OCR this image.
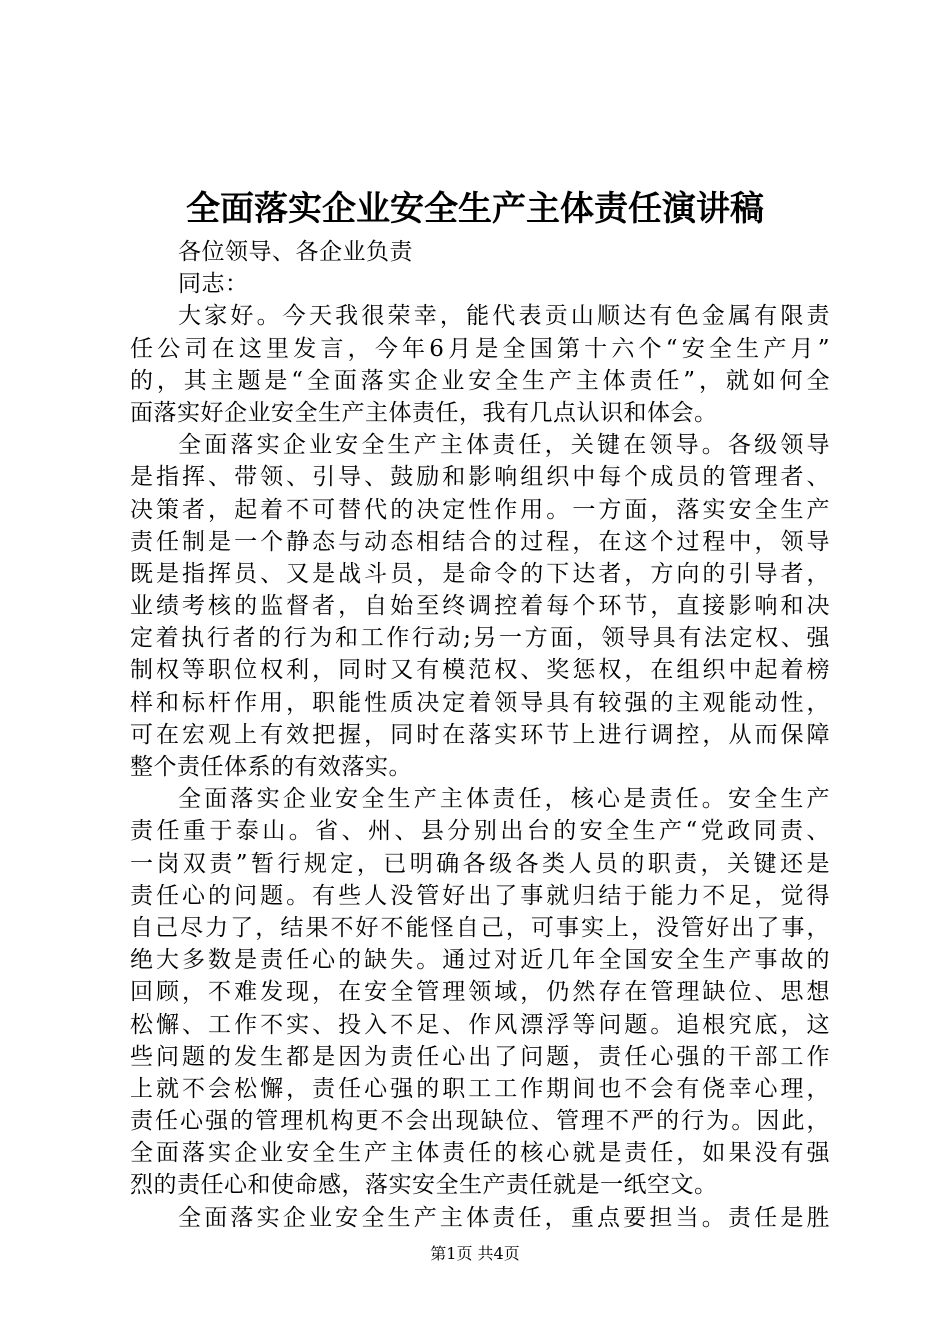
全面落实企业安全生产主体责任演讲稿
各位领导、各企业负责
同志：
大家好。今天我很荣幸，能代表贡山顺达有色金属有限责
任公司在这里发言，今年6月是全国第十六个“安全生产月”
的，其主题是“全面落实企业安全生产主体责任”，就如何全
面落实好企业安全生产主体责任，我有几点认识和体会。
全面落实企业安全生产主体责任，关键在领导。各级领导
是指挥、带领、引导、鼓励和影响组织中每个成员的管理者、
决策者，起着不可替代的决定性作用。一方面，落实安全生产
责任制是一个静态与动态相结合的过程，在这个过程中，领导
既是指挥员、又是战斗员，是命令的下达者，方向的引导者，
业绩考核的监督者，自始至终调控着每个环节，直接影响和决
定着执行者的行为和工作行动;另一方面，领导具有法定权、强
制权等职位权利，同时又有模范权、奖惩权，在组织中起着榜
样和标杆作用，职能性质决定着领导具有较强的主观能动性，
可在宏观上有效把握，同时在落实环节上进行调控，从而保障
整个责任体系的有效落实。
全面落实企业安全生产主体责任，核心是责任。安全生产
责任重于泰山。省、州、县分别出台的安全生产“党政同责、
一岗双责”暂行规定，已明确各级各类人员的职责，关键还是
责任心的问题。有些人没管好出了事就归结于能力不足，觉得
自己尽力了，结果不好不能怪自己，可事实上，没管好出了事，
绝大多数是责任心的缺失。通过对近几年全国安全生产事故的
回顾，不难发现，在安全管理领域，仍然存在管理缺位、思想
松懈、工作不实、投入不足、作风漂浮等问题。追根究底，这
些问题的发生都是因为责任心出了问题，责任心强的干部工作
上就不会松懈，责任心强的职工工作期间也不会有侥幸心理，
责任心强的管理机构更不会出现缺位、管理不严的行为。因此，
全面落实企业安全生产主体责任的核心就是责任，如果没有强
烈的责任心和使命感，落实安全生产责任就是一纸空文。
全面落实企业安全生产主体责任，重点要担当。责任是胜
第1页 共4页
